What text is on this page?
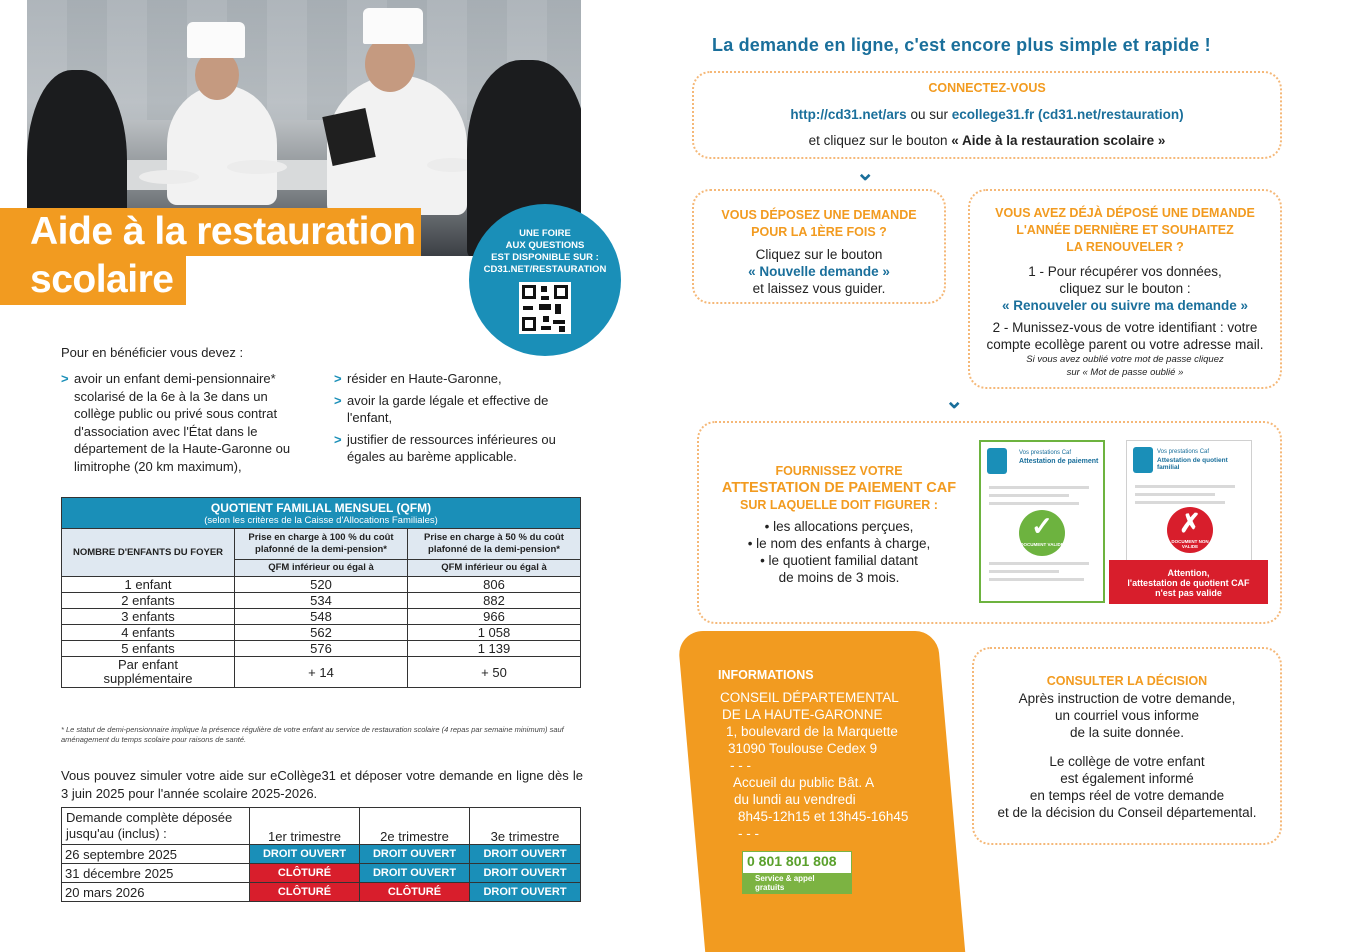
Aide à la restauration
scolaire
UNE FOIRE
AUX QUESTIONS
EST DISPONIBLE SUR :
CD31.NET/RESTAURATION
Pour en bénéficier vous devez :
> avoir un enfant demi-pensionnaire* scolarisé de la 6e à la 3e dans un collège public ou privé sous contrat d'association avec l'État dans le département de la Haute-Garonne ou limitrophe (20 km maximum),
> résider en Haute-Garonne,
> avoir la garde légale et effective de l'enfant,
> justifier de ressources inférieures ou égales au barème applicable.
QUOTIENT FAMILIAL MENSUEL (QFM)
(selon les critères de la Caisse d'Allocations Familiales)		

NOMBRE D'ENFANTS DU FOYER	Prise en charge à 100 % du coût plafonné de la demi-pension*	Prise en charge à 50 % du coût plafonné de la demi-pension*
	QFM inférieur ou égal à	QFM inférieur ou égal à
1 enfant	520	806
2 enfants	534	882
3 enfants	548	966
4 enfants	562	1 058
5 enfants	576	1 139
Par enfant supplémentaire	+ 14	+ 50
* Le statut de demi-pensionnaire implique la présence régulière de votre enfant au service de restauration scolaire (4 repas par semaine minimum) sauf aménagement du temps scolaire pour raisons de santé.
Vous pouvez simuler votre aide sur eCollège31 et déposer votre demande en ligne dès le 3 juin 2025 pour l'année scolaire 2025-2026.
Demande complète déposée jusqu'au (inclus) :	1er trimestre	2e trimestre	3e trimestre
26 septembre 2025	DROIT OUVERT	DROIT OUVERT	DROIT OUVERT
31 décembre 2025	CLÔTURÉ	DROIT OUVERT	DROIT OUVERT
20 mars 2026	CLÔTURÉ	CLÔTURÉ	DROIT OUVERT
La demande en ligne, c'est encore plus simple et rapide !
CONNECTEZ-VOUS
http://cd31.net/ars ou sur ecollege31.fr (cd31.net/restauration)
et cliquez sur le bouton « Aide à la restauration scolaire »
⌄
VOUS DÉPOSEZ UNE DEMANDE
POUR LA 1ÈRE FOIS ?
Cliquez sur le bouton
« Nouvelle demande »
et laissez vous guider.
VOUS AVEZ DÉJÀ DÉPOSÉ UNE DEMANDE
L'ANNÉE DERNIÈRE ET SOUHAITEZ
LA RENOUVELER ?
1 - Pour récupérer vos données,
cliquez sur le bouton :
« Renouveler ou suivre ma demande »
2 - Munissez-vous de votre identifiant : votre
compte ecollège parent ou votre adresse mail.
Si vous avez oublié votre mot de passe cliquez
sur « Mot de passe oublié »
⌄
FOURNISSEZ VOTRE
ATTESTATION DE PAIEMENT CAF
SUR LAQUELLE DOIT FIGURER :
• les allocations perçues,
• le nom des enfants à charge,
• le quotient familial datant
de moins de 3 mois.
Vos prestations Caf
Attestation de paiement
✓
DOCUMENT VALIDE
Vos prestations Caf
Attestation de quotient familial
✗
DOCUMENT NON VALIDE
Attention,
l'attestation de quotient CAF
n'est pas valide
INFORMATIONS
CONSEIL DÉPARTEMENTAL
DE LA HAUTE-GARONNE
1, boulevard de la Marquette
31090 Toulouse Cedex 9
- - -
Accueil du public Bât. A
du lundi au vendredi
8h45-12h15 et 13h45-16h45
- - -
0 801 801 808
Service & appel
gratuits
CONSULTER LA DÉCISION
Après instruction de votre demande,
un courriel vous informe
de la suite donnée.
Le collège de votre enfant
est également informé
en temps réel de votre demande
et de la décision du Conseil départemental.
